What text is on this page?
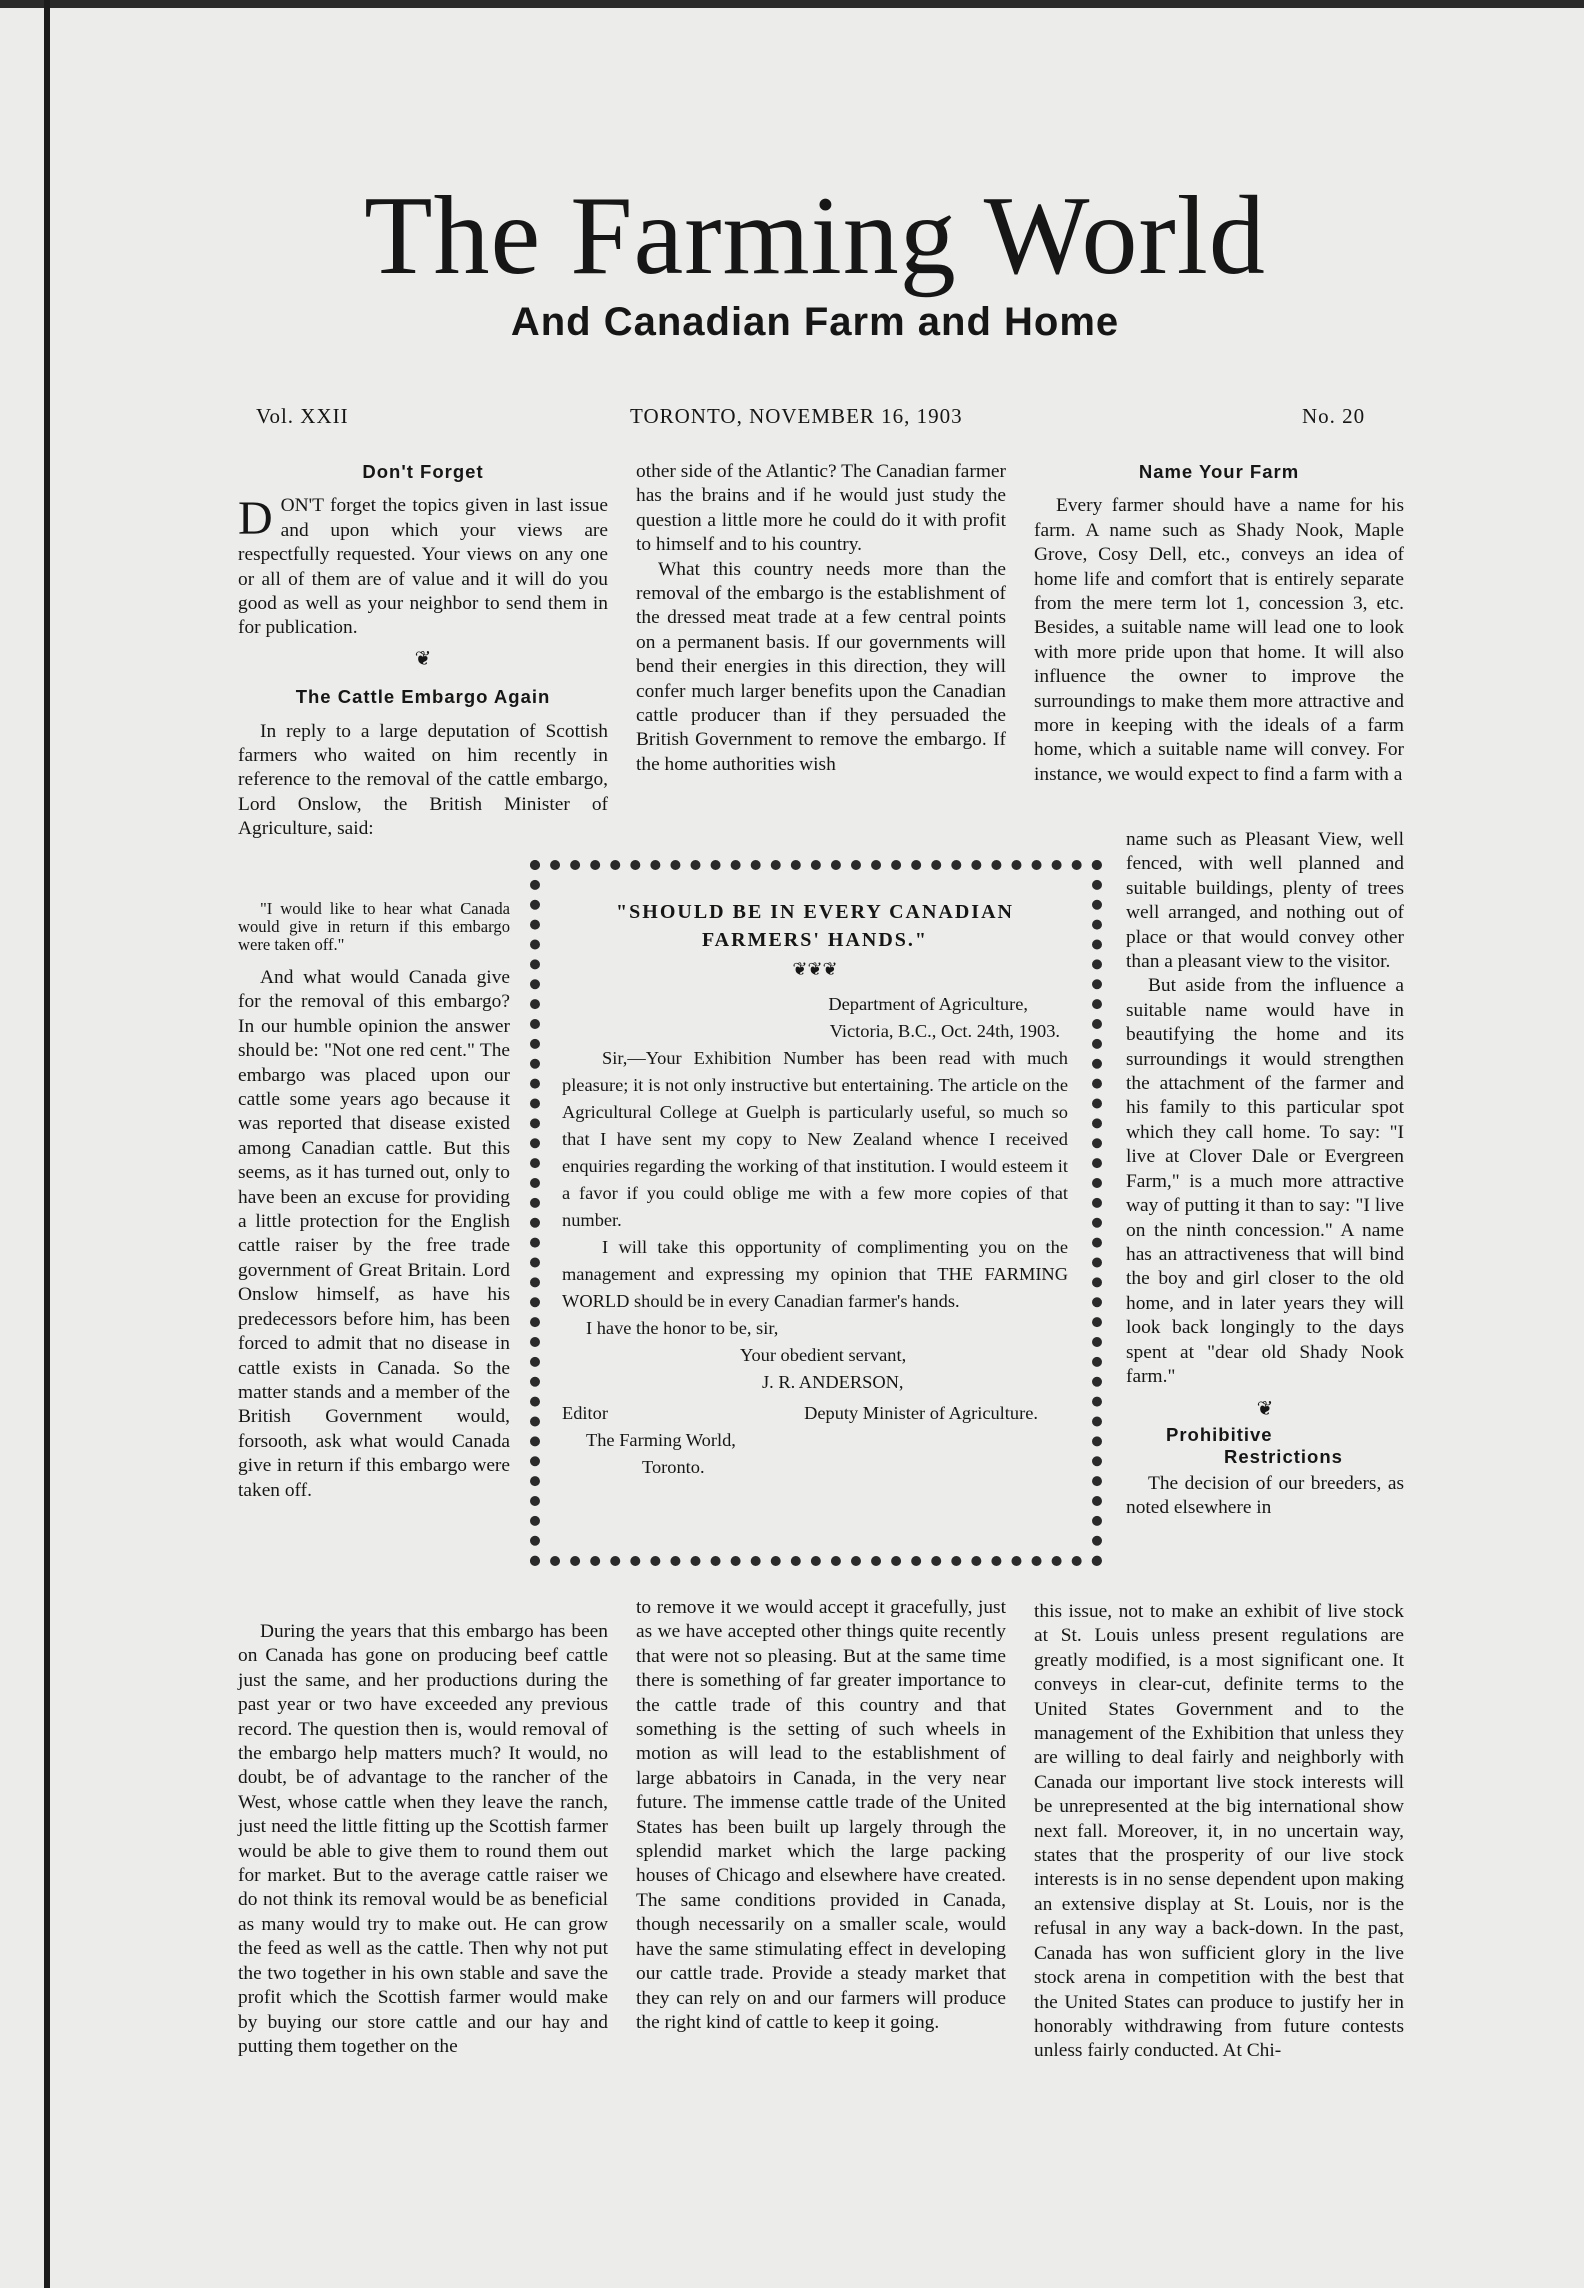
The Farming World
And Canadian Farm and Home
Vol. XXII	TORONTO, NOVEMBER 16, 1903	No. 20
Don't Forget

DON'T forget the topics given in last issue and upon which your views are respectfully requested. Your views on any one or all of them are of value and it will do you good as well as your neighbor to send them in for publication.

❦
The Cattle Embargo Again

In reply to a large deputation of Scottish farmers who waited on him recently in reference to the removal of the cattle embargo, Lord Onslow, the British Minister of Agriculture, said:

"I would like to hear what Canada would give in return if this embargo were taken off."

And what would Canada give for the removal of this embargo? In our humble opinion the answer should be: "Not one red cent." The embargo was placed upon our cattle some years ago because it was reported that disease existed among Canadian cattle. But this seems, as it has turned out, only to have been an excuse for providing a little protection for the English cattle raiser by the free trade government of Great Britain. Lord Onslow himself, as have his predecessors before him, has been forced to admit that no disease in cattle exists in Canada. So the matter stands and a member of the British Government would, forsooth, ask what would Canada give in return if this embargo were taken off.

During the years that this embargo has been on Canada has gone on producing beef cattle just the same, and her productions during the past year or two have exceeded any previous record. The question then is, would removal of the embargo help matters much? It would, no doubt, be of advantage to the rancher of the West, whose cattle when they leave the ranch, just need the little fitting up the Scottish farmer would be able to give them to round them out for market. But to the average cattle raiser we do not think its removal would be as beneficial as many would try to make out. He can grow the feed as well as the cattle. Then why not put the two together in his own stable and save the profit which the Scottish farmer would make by buying our store cattle and our hay and putting them together on the

other side of the Atlantic? The Canadian farmer has the brains and if he would just study the question a little more he could do it with profit to himself and to his country.

What this country needs more than the removal of the embargo is the establishment of the dressed meat trade at a few central points on a permanent basis. If our governments will bend their energies in this direction, they will confer much larger benefits upon the Canadian cattle producer than if they persuaded the British Government to remove the embargo. If the home authorities wish

to remove it we would accept it gracefully, just as we have accepted other things quite recently that were not so pleasing. But at the same time there is something of far greater importance to the cattle trade of this country and that something is the setting of such wheels in motion as will lead to the establishment of large abbatoirs in Canada, in the very near future. The immense cattle trade of the United States has been built up largely through the splendid market which the large packing houses of Chicago and elsewhere have created. The same conditions provided in Canada, though necessarily on a smaller scale, would have the same stimulating effect in developing our cattle trade. Provide a steady market that they can rely on and our farmers will produce the right kind of cattle to keep it going.

Name Your Farm

Every farmer should have a name for his farm. A name such as Shady Nook, Maple Grove, Cosy Dell, etc., conveys an idea of home life and comfort that is entirely separate from the mere term lot 1, concession 3, etc. Besides, a suitable name will lead one to look with more pride upon that home. It will also influence the owner to improve the surroundings to make them more attractive and more in keeping with the ideals of a farm home, which a suitable name will convey. For instance, we would expect to find a farm with a

name such as Pleasant View, well fenced, with well planned and suitable buildings, plenty of trees well arranged, and nothing out of place or that would convey other than a pleasant view to the visitor.

But aside from the influence a suitable name would have in beautifying the home and its surroundings it would strengthen the attachment of the farmer and his family to this particular spot which they call home. To say: "I live at Clover Dale or Evergreen Farm," is a much more attractive way of putting it than to say: "I live on the ninth concession." A name has an attractiveness that will bind the boy and girl closer to the old home, and in later years they will look back longingly to the days spent at "dear old Shady Nook farm."

❦
Prohibitive
Restrictions

The decision of our breeders, as noted elsewhere in

this issue, not to make an exhibit of live stock at St. Louis unless present regulations are greatly modified, is a most significant one. It conveys in clear-cut, definite terms to the United States Government and to the management of the Exhibition that unless they are willing to deal fairly and neighborly with Canada our important live stock interests will be unrepresented at the big international show next fall. Moreover, it, in no uncertain way, states that the prosperity of our live stock interests is in no sense dependent upon making an extensive display at St. Louis, nor is the refusal in any way a back-down. In the past, Canada has won sufficient glory in the live stock arena in competition with the best that the United States can produce to justify her in honorably withdrawing from future contests unless fairly conducted. At Chi-

"SHOULD BE IN EVERY CANADIAN
FARMERS' HANDS."
❦❦❦
Department of Agriculture,
Victoria, B.C., Oct. 24th, 1903.

Sir,—Your Exhibition Number has been read with much pleasure; it is not only instructive but entertaining. The article on the Agricultural College at Guelph is particularly useful, so much so that I have sent my copy to New Zealand whence I received enquiries regarding the working of that institution. I would esteem it a favor if you could oblige me with a few more copies of that number.

I will take this opportunity of complimenting you on the management and expressing my opinion that THE FARMING WORLD should be in every Canadian farmer's hands.

I have the honor to be, sir,
Your obedient servant,
J. R. ANDERSON,
Editor	Deputy Minister of Agriculture.
The Farming World,
Toronto.
